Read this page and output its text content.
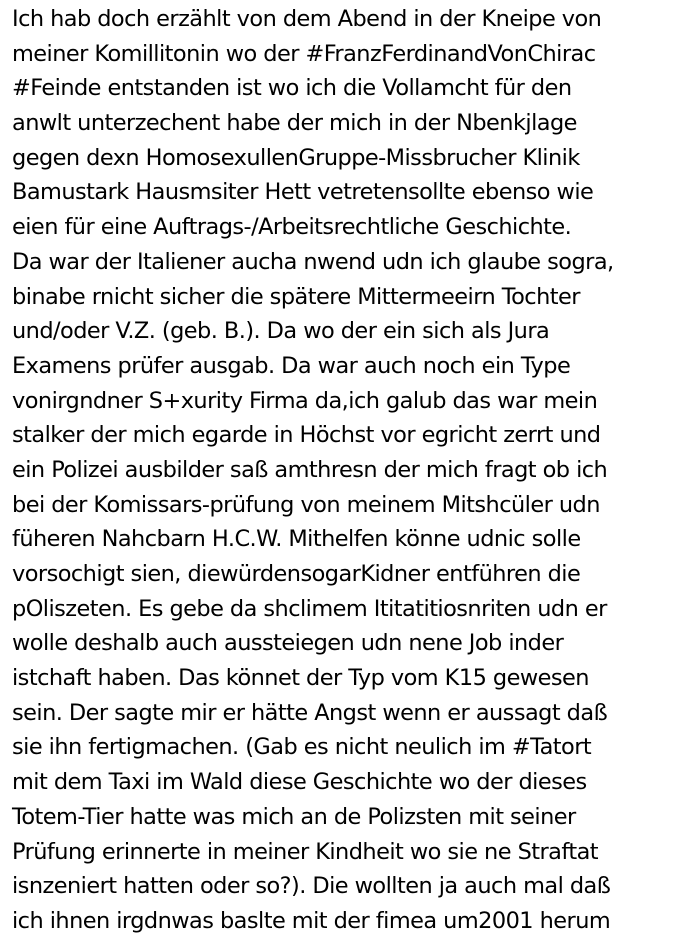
Ich hab doch erzählt von dem Abend in der Kneipe von
meiner Komillitonin wo der #FranzFerdinandVonChirac
#Feinde entstanden ist wo ich die Vollamcht für den
anwlt unterzechent habe der mich in der Nbenkjlage
gegen dexn HomosexullenGruppe-Missbrucher Klinik
Bamustark Hausmsiter Hett vetretensollte ebenso wie
eien für eine Auftrags-/Arbeitsrechtliche Geschichte.
Da war der Italiener aucha nwend udn ich glaube sogra,
binabe rnicht sicher die spätere Mittermeeirn Tochter
und/oder V.Z. (geb. B.). Da wo der ein sich als Jura
Examens prüfer ausgab. Da war auch noch ein Type
vonirgndner S+xurity Firma da,ich galub das war mein
stalker der mich egarde in Höchst vor egricht zerrt und
ein Polizei ausbilder saß amthresn der mich fragt ob ich
bei der Komissars-prüfung von meinem Mitshcüler udn
füheren Nahcbarn H.C.W. Mithelfen könne udnic solle
vorsochigt sien, diewürdensogarKidner entführen die
pOliszeten. Es gebe da shclimem Ititatitiosnriten udn er
wolle deshalb auch aussteiegen udn nene Job inder
istchaft haben. Das könnet der Typ vom K15 gewesen
sein. Der sagte mir er hätte Angst wenn er aussagt daß
sie ihn fertigmachen. (Gab es nicht neulich im #Tatort
mit dem Taxi im Wald diese Geschichte wo der dieses
Totem-Tier hatte was mich an de Polizsten mit seiner
Prüfung erinnerte in meiner Kindheit wo sie ne Straftat
isnzeniert hatten oder so?). Die wollten ja auch mal daß
ich ihnen irgdnwas baslte mit der fimea um2001 herum
